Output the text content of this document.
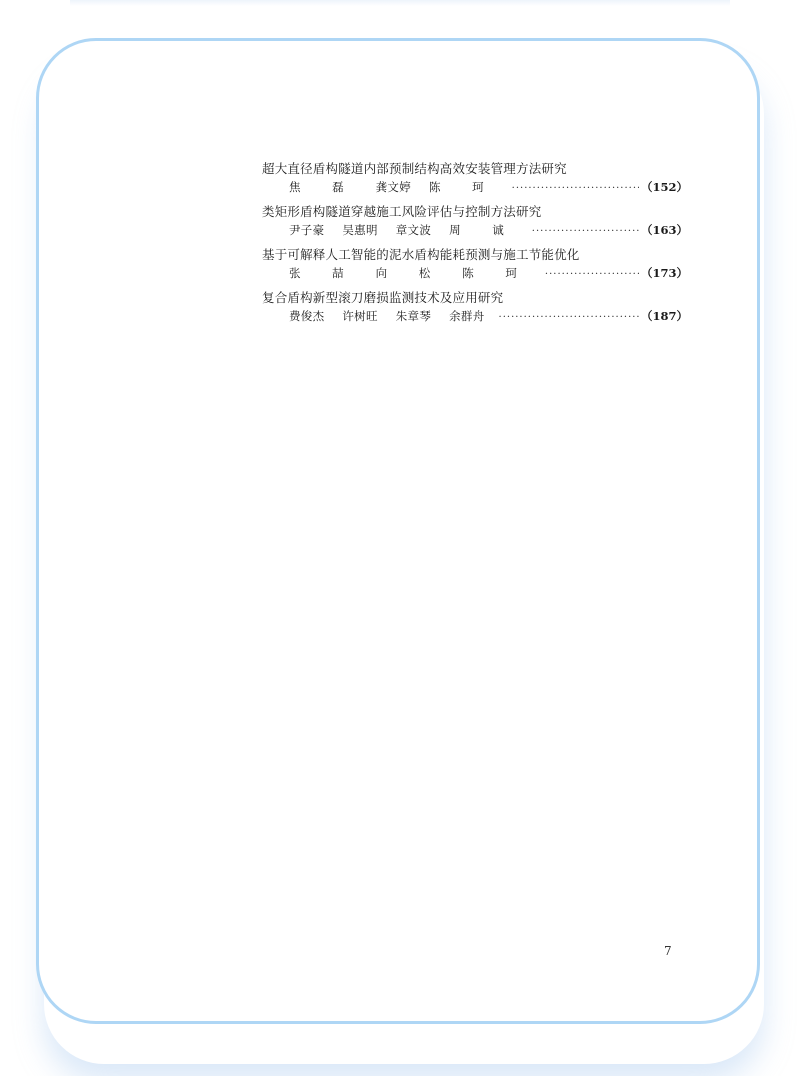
超大直径盾构隧道内部预制结构高效安装管理方法研究
焦 磊 龚文婷 陈 珂 ·····	（152）
类矩形盾构隧道穿越施工风险评估与控制方法研究
尹子豪 吴惠明 章文波 周 诚 ·····	（163）
基于可解释人工智能的泥水盾构能耗预测与施工节能优化
张 喆 向 松 陈 珂 ·····	（173）
复合盾构新型滚刀磨损监测技术及应用研究
费俊杰 许树旺 朱章琴 余群舟 ·····	（187）
7
